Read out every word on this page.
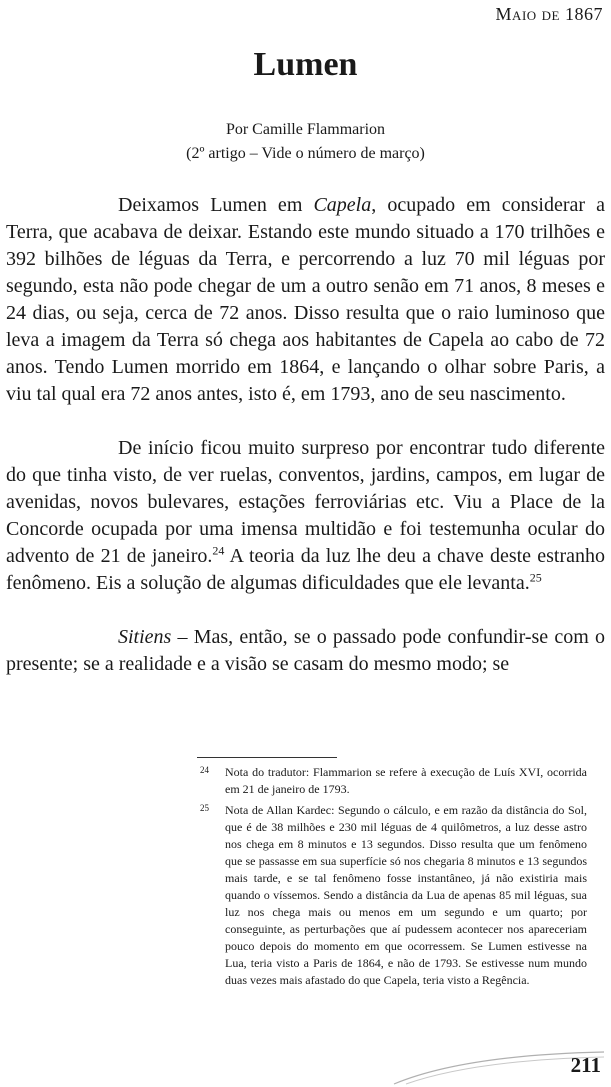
Maio de 1867
Lumen
Por Camille Flammarion
(2º artigo – Vide o número de março)

Deixamos Lumen em Capela, ocupado em considerar a Terra, que acabava de deixar. Estando este mundo situado a 170 trilhões e 392 bilhões de léguas da Terra, e percorrendo a luz 70 mil léguas por segundo, esta não pode chegar de um a outro senão em 71 anos, 8 meses e 24 dias, ou seja, cerca de 72 anos. Disso resulta que o raio luminoso que leva a imagem da Terra só chega aos habitantes de Capela ao cabo de 72 anos. Tendo Lumen morrido em 1864, e lançando o olhar sobre Paris, a viu tal qual era 72 anos antes, isto é, em 1793, ano de seu nascimento.

De início ficou muito surpreso por encontrar tudo diferente do que tinha visto, de ver ruelas, conventos, jardins, campos, em lugar de avenidas, novos bulevares, estações ferroviárias etc. Viu a Place de la Concorde ocupada por uma imensa multidão e foi testemunha ocular do advento de 21 de janeiro.$^{24}$ A teoria da luz lhe deu a chave deste estranho fenômeno. Eis a solução de algumas dificuldades que ele levanta.$^{25}$

Sitiens – Mas, então, se o passado pode confundir-se com o presente; se a realidade e a visão se casam do mesmo modo; se

24 Nota do tradutor: Flammarion se refere à execução de Luís XVI, ocorrida em 21 de janeiro de 1793.
25 Nota de Allan Kardec: Segundo o cálculo, e em razão da distância do Sol, que é de 38 milhões e 230 mil léguas de 4 quilômetros, a luz desse astro nos chega em 8 minutos e 13 segundos. Disso resulta que um fenômeno que se passasse em sua superfície só nos chegaria 8 minutos e 13 segundos mais tarde, e se tal fenômeno fosse instantâneo, já não existiria mais quando o víssemos. Sendo a distância da Lua de apenas 85 mil léguas, sua luz nos chega mais ou menos em um segundo e um quarto; por conseguinte, as perturbações que aí pudessem acontecer nos apareceriam pouco depois do momento em que ocorressem. Se Lumen estivesse na Lua, teria visto a Paris de 1864, e não de 1793. Se estivesse num mundo duas vezes mais afastado do que Capela, teria visto a Regência.
211
